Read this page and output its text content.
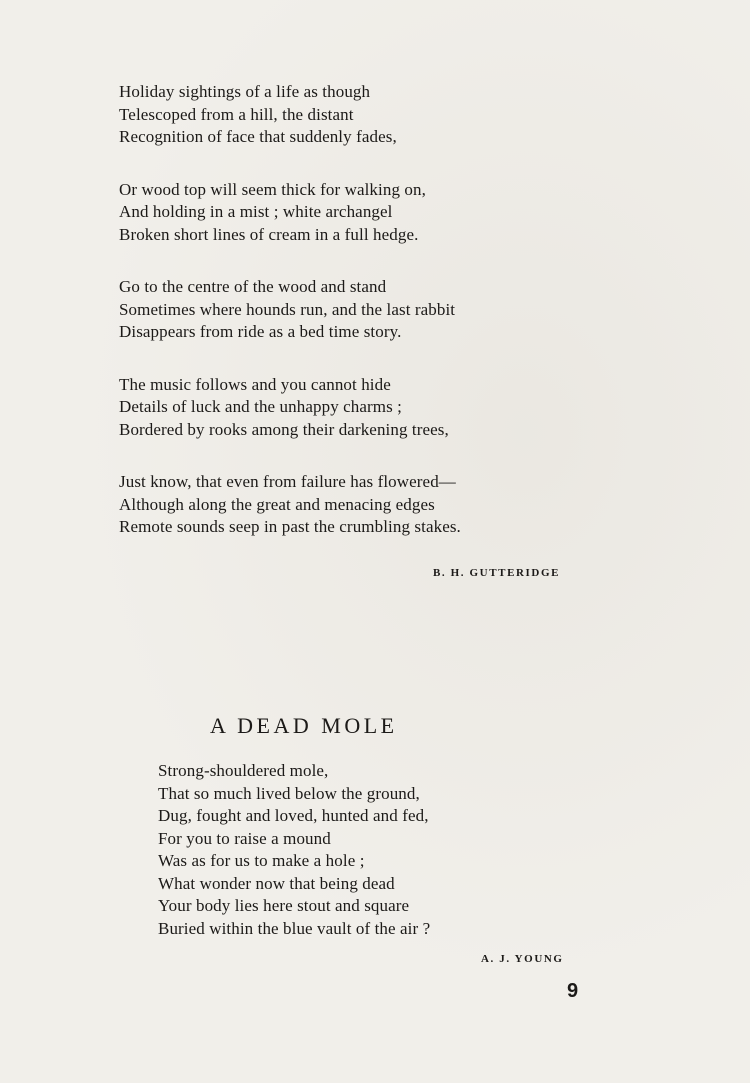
Holiday sightings of a life as though
Telescoped from a hill, the distant
Recognition of face that suddenly fades,

Or wood top will seem thick for walking on,
And holding in a mist ; white archangel
Broken short lines of cream in a full hedge.

Go to the centre of the wood and stand
Sometimes where hounds run, and the last rabbit
Disappears from ride as a bed time story.

The music follows and you cannot hide
Details of luck and the unhappy charms ;
Bordered by rooks among their darkening trees,

Just know, that even from failure has flowered—
Although along the great and menacing edges
Remote sounds seep in past the crumbling stakes.

B. H. GUTTERIDGE
A DEAD MOLE

Strong-shouldered mole,
That so much lived below the ground,
Dug, fought and loved, hunted and fed,
For you to raise a mound
Was as for us to make a hole ;
What wonder now that being dead
Your body lies here stout and square
Buried within the blue vault of the air ?

A. J. YOUNG
9
